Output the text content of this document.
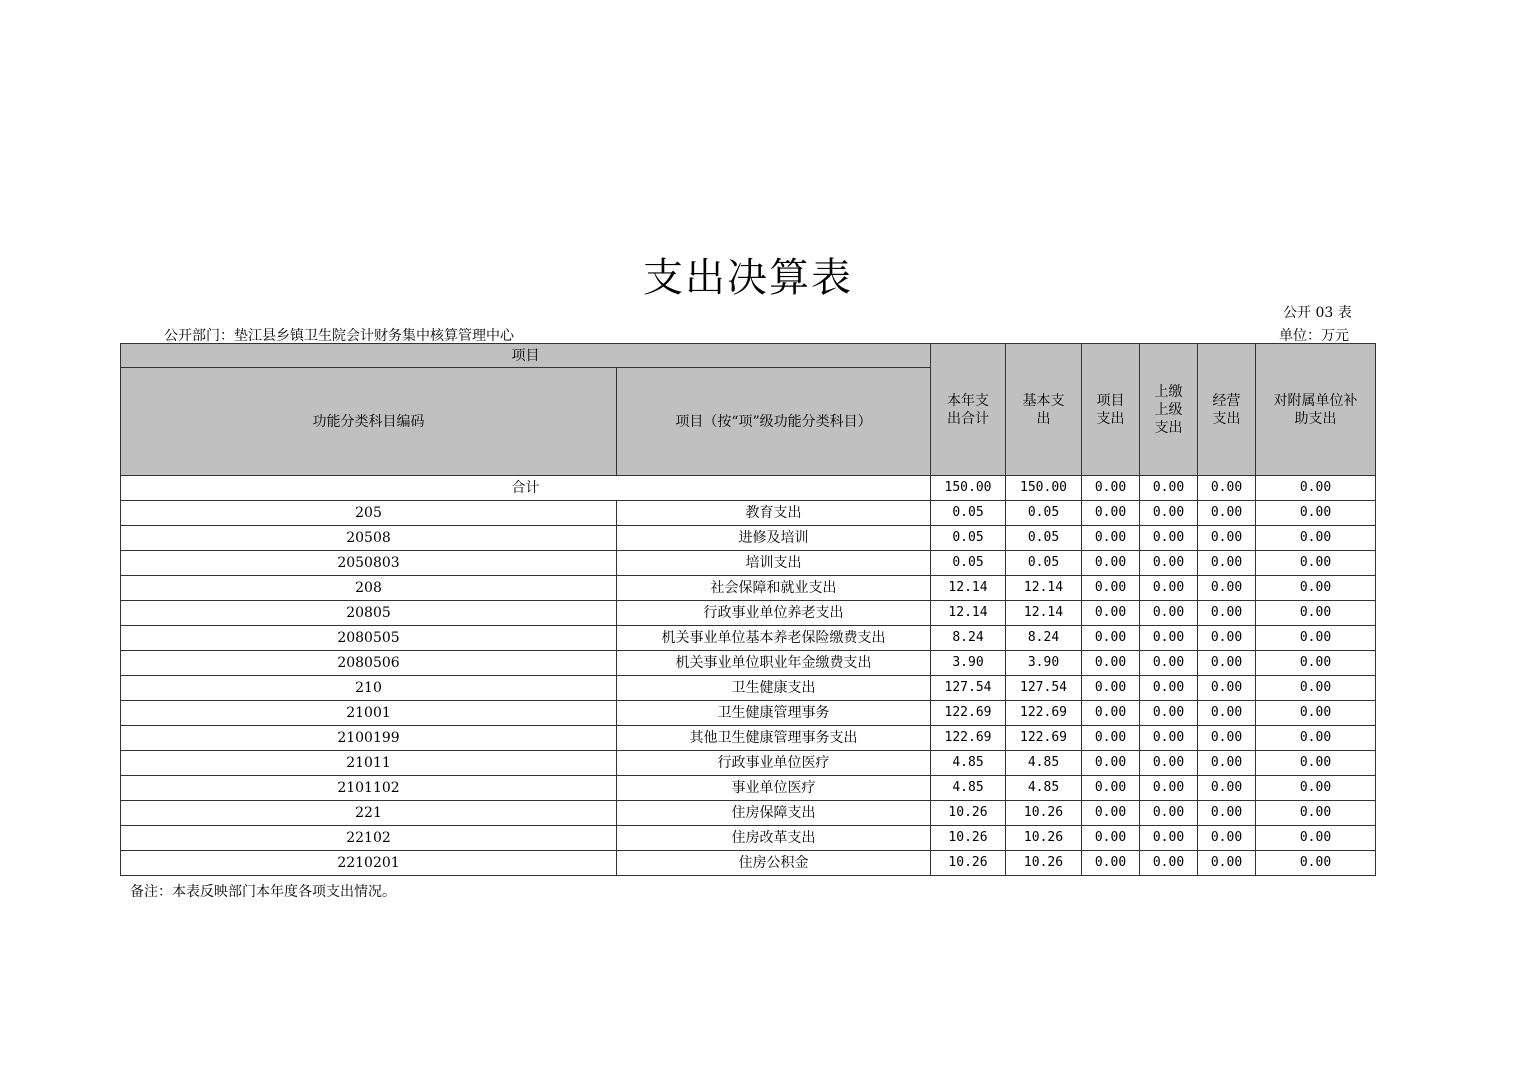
支出决算表
公开 03 表
公开部门：垫江县乡镇卫生院会计财务集中核算管理中心	单位：万元
项目		本年支出合计	基本支出	项目支出	上缴上级支出	经营支出	对附属单位补助支出

功能分类科目编码	项目（按“项”级功能分类科目）						
合计		150.00	150.00	0.00	0.00	0.00	0.00
205	教育支出	0.05	0.05	0.00	0.00	0.00	0.00
20508	进修及培训	0.05	0.05	0.00	0.00	0.00	0.00
2050803	培训支出	0.05	0.05	0.00	0.00	0.00	0.00
208	社会保障和就业支出	12.14	12.14	0.00	0.00	0.00	0.00
20805	行政事业单位养老支出	12.14	12.14	0.00	0.00	0.00	0.00
2080505	机关事业单位基本养老保险缴费支出	8.24	8.24	0.00	0.00	0.00	0.00
2080506	机关事业单位职业年金缴费支出	3.90	3.90	0.00	0.00	0.00	0.00
210	卫生健康支出	127.54	127.54	0.00	0.00	0.00	0.00
21001	卫生健康管理事务	122.69	122.69	0.00	0.00	0.00	0.00
2100199	其他卫生健康管理事务支出	122.69	122.69	0.00	0.00	0.00	0.00
21011	行政事业单位医疗	4.85	4.85	0.00	0.00	0.00	0.00
2101102	事业单位医疗	4.85	4.85	0.00	0.00	0.00	0.00
221	住房保障支出	10.26	10.26	0.00	0.00	0.00	0.00
22102	住房改革支出	10.26	10.26	0.00	0.00	0.00	0.00
2210201	住房公积金	10.26	10.26	0.00	0.00	0.00	0.00
备注：本表反映部门本年度各项支出情况。
